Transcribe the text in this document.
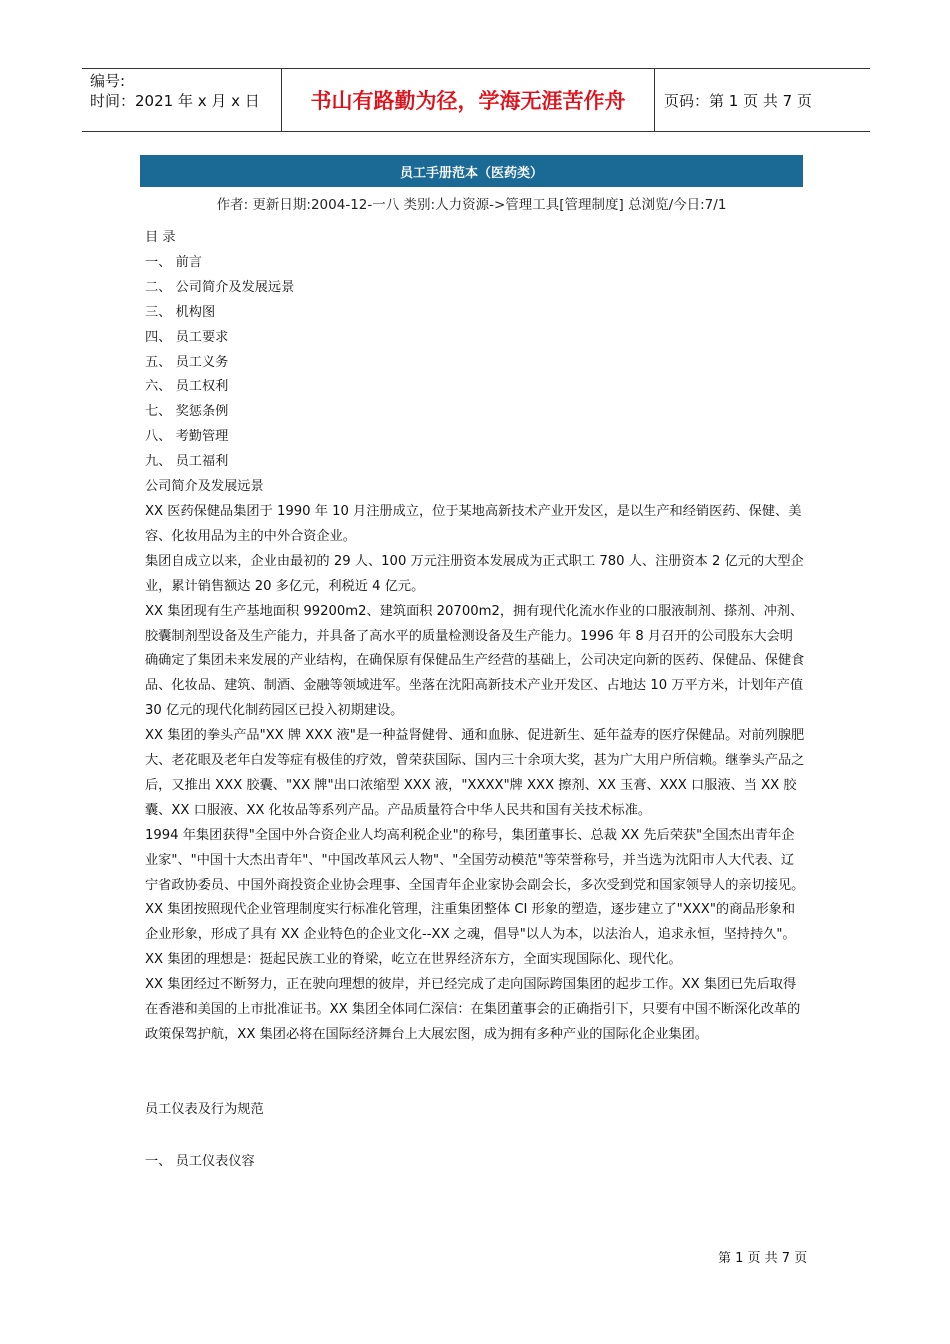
编号:
时间：2021 年 x 月 x 日	书山有路勤为径，学海无涯苦作舟	页码：第 1 页 共 7 页
员工手册范本（医药类）
作者: 更新日期:2004-12-一八 类别:人力资源->管理工具[管理制度] 总浏览/今日:7/1

目 录

一、 前言

二、 公司简介及发展远景

三、 机构图

四、 员工要求

五、 员工义务

六、 员工权利

七、 奖惩条例

八、 考勤管理

九、 员工福利

公司简介及发展远景

XX 医药保健品集团于 1990 年 10 月注册成立，位于某地高新技术产业开发区，是以生产和经销医药、保健、美容、化妆用品为主的中外合资企业。

集团自成立以来，企业由最初的 29 人、100 万元注册资本发展成为正式职工 780 人、注册资本 2 亿元的大型企业，累计销售额达 20 多亿元，利税近 4 亿元。

XX 集团现有生产基地面积 99200m2、建筑面积 20700m2，拥有现代化流水作业的口服液制剂、搽剂、冲剂、胶囊制剂型设备及生产能力，并具备了高水平的质量检测设备及生产能力。1996 年 8 月召开的公司股东大会明确确定了集团未来发展的产业结构，在确保原有保健品生产经营的基础上，公司决定向新的医药、保健品、保健食品、化妆品、建筑、制酒、金融等领域进军。坐落在沈阳高新技术产业开发区、占地达 10 万平方米，计划年产值 30 亿元的现代化制药园区已投入初期建设。

XX 集团的拳头产品"XX 牌 XXX 液"是一种益肾健骨、通和血脉、促进新生、延年益寿的医疗保健品。对前列腺肥大、老花眼及老年白发等症有极佳的疗效，曾荣获国际、国内三十余项大奖，甚为广大用户所信赖。继拳头产品之后，又推出 XXX 胶囊、"XX 牌"出口浓缩型 XXX 液，"XXXX"牌 XXX 擦剂、XX 玉膏、XXX 口服液、当 XX 胶囊、XX 口服液、XX 化妆品等系列产品。产品质量符合中华人民共和国有关技术标准。

1994 年集团获得"全国中外合资企业人均高利税企业"的称号，集团董事长、总裁 XX 先后荣获"全国杰出青年企业家"、"中国十大杰出青年"、"中国改革风云人物"、"全国劳动模范"等荣誉称号，并当选为沈阳市人大代表、辽宁省政协委员、中国外商投资企业协会理事、全国青年企业家协会副会长，多次受到党和国家领导人的亲切接见。

XX 集团按照现代企业管理制度实行标准化管理，注重集团整体 CI 形象的塑造，逐步建立了"XXX"的商品形象和企业形象，形成了具有 XX 企业特色的企业文化--XX 之魂，倡导"以人为本，以法治人，追求永恒，坚持持久"。 XX 集团的理想是：挺起民族工业的脊梁，屹立在世界经济东方，全面实现国际化、现代化。

XX 集团经过不断努力，正在驶向理想的彼岸，并已经完成了走向国际跨国集团的起步工作。XX 集团已先后取得在香港和美国的上市批准证书。XX 集团全体同仁深信：在集团董事会的正确指引下，只要有中国不断深化改革的政策保驾护航，XX 集团必将在国际经济舞台上大展宏图，成为拥有多种产业的国际化企业集团。

员工仪表及行为规范

一、 员工仪表仪容

第 1 页 共 7 页
